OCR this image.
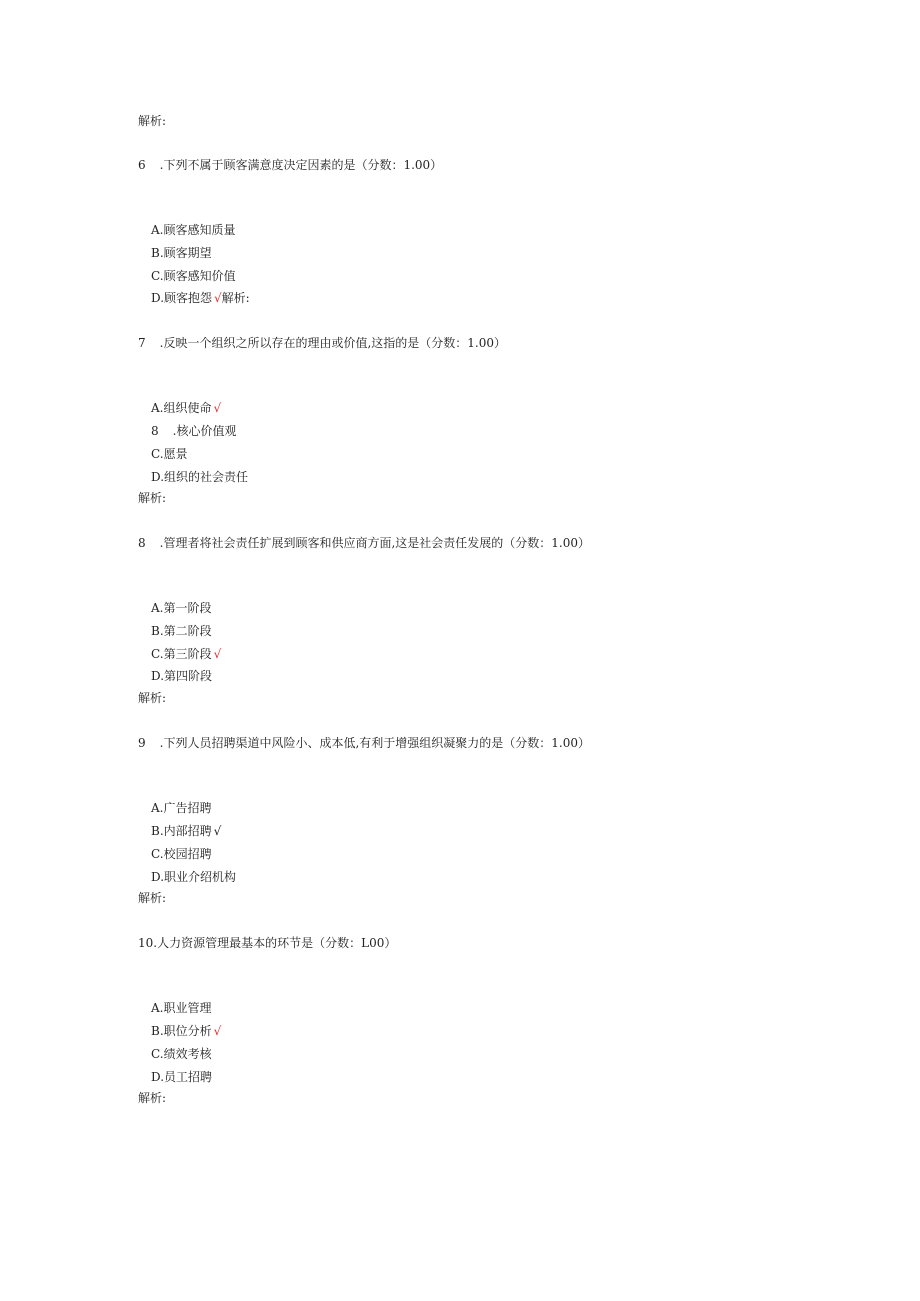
解析:
6 .下列不属于顾客满意度决定因素的是（分数：1.00）
A.顾客感知质量
B.顾客期望
C.顾客感知价值
D.顾客抱怨 √解析:
7 .反映一个组织之所以存在的理由或价值,这指的是（分数：1.00）
A.组织使命 √
8 .核心价值观
C.愿景
D.组织的社会责任
解析:
8 .管理者将社会责任扩展到顾客和供应商方面,这是社会责任发展的（分数：1.00）
A.第一阶段
B.第二阶段
C.第三阶段 √
D.第四阶段
解析:
9 .下列人员招聘渠道中风险小、成本低,有利于增强组织凝聚力的是（分数：1.00）
A.广告招聘
B.内部招聘 √
C.校园招聘
D.职业介绍机构
解析:
10.人力资源管理最基本的环节是（分数：L00）
A.职业管理
B.职位分析 √
C.绩效考核
D.员工招聘
解析:
